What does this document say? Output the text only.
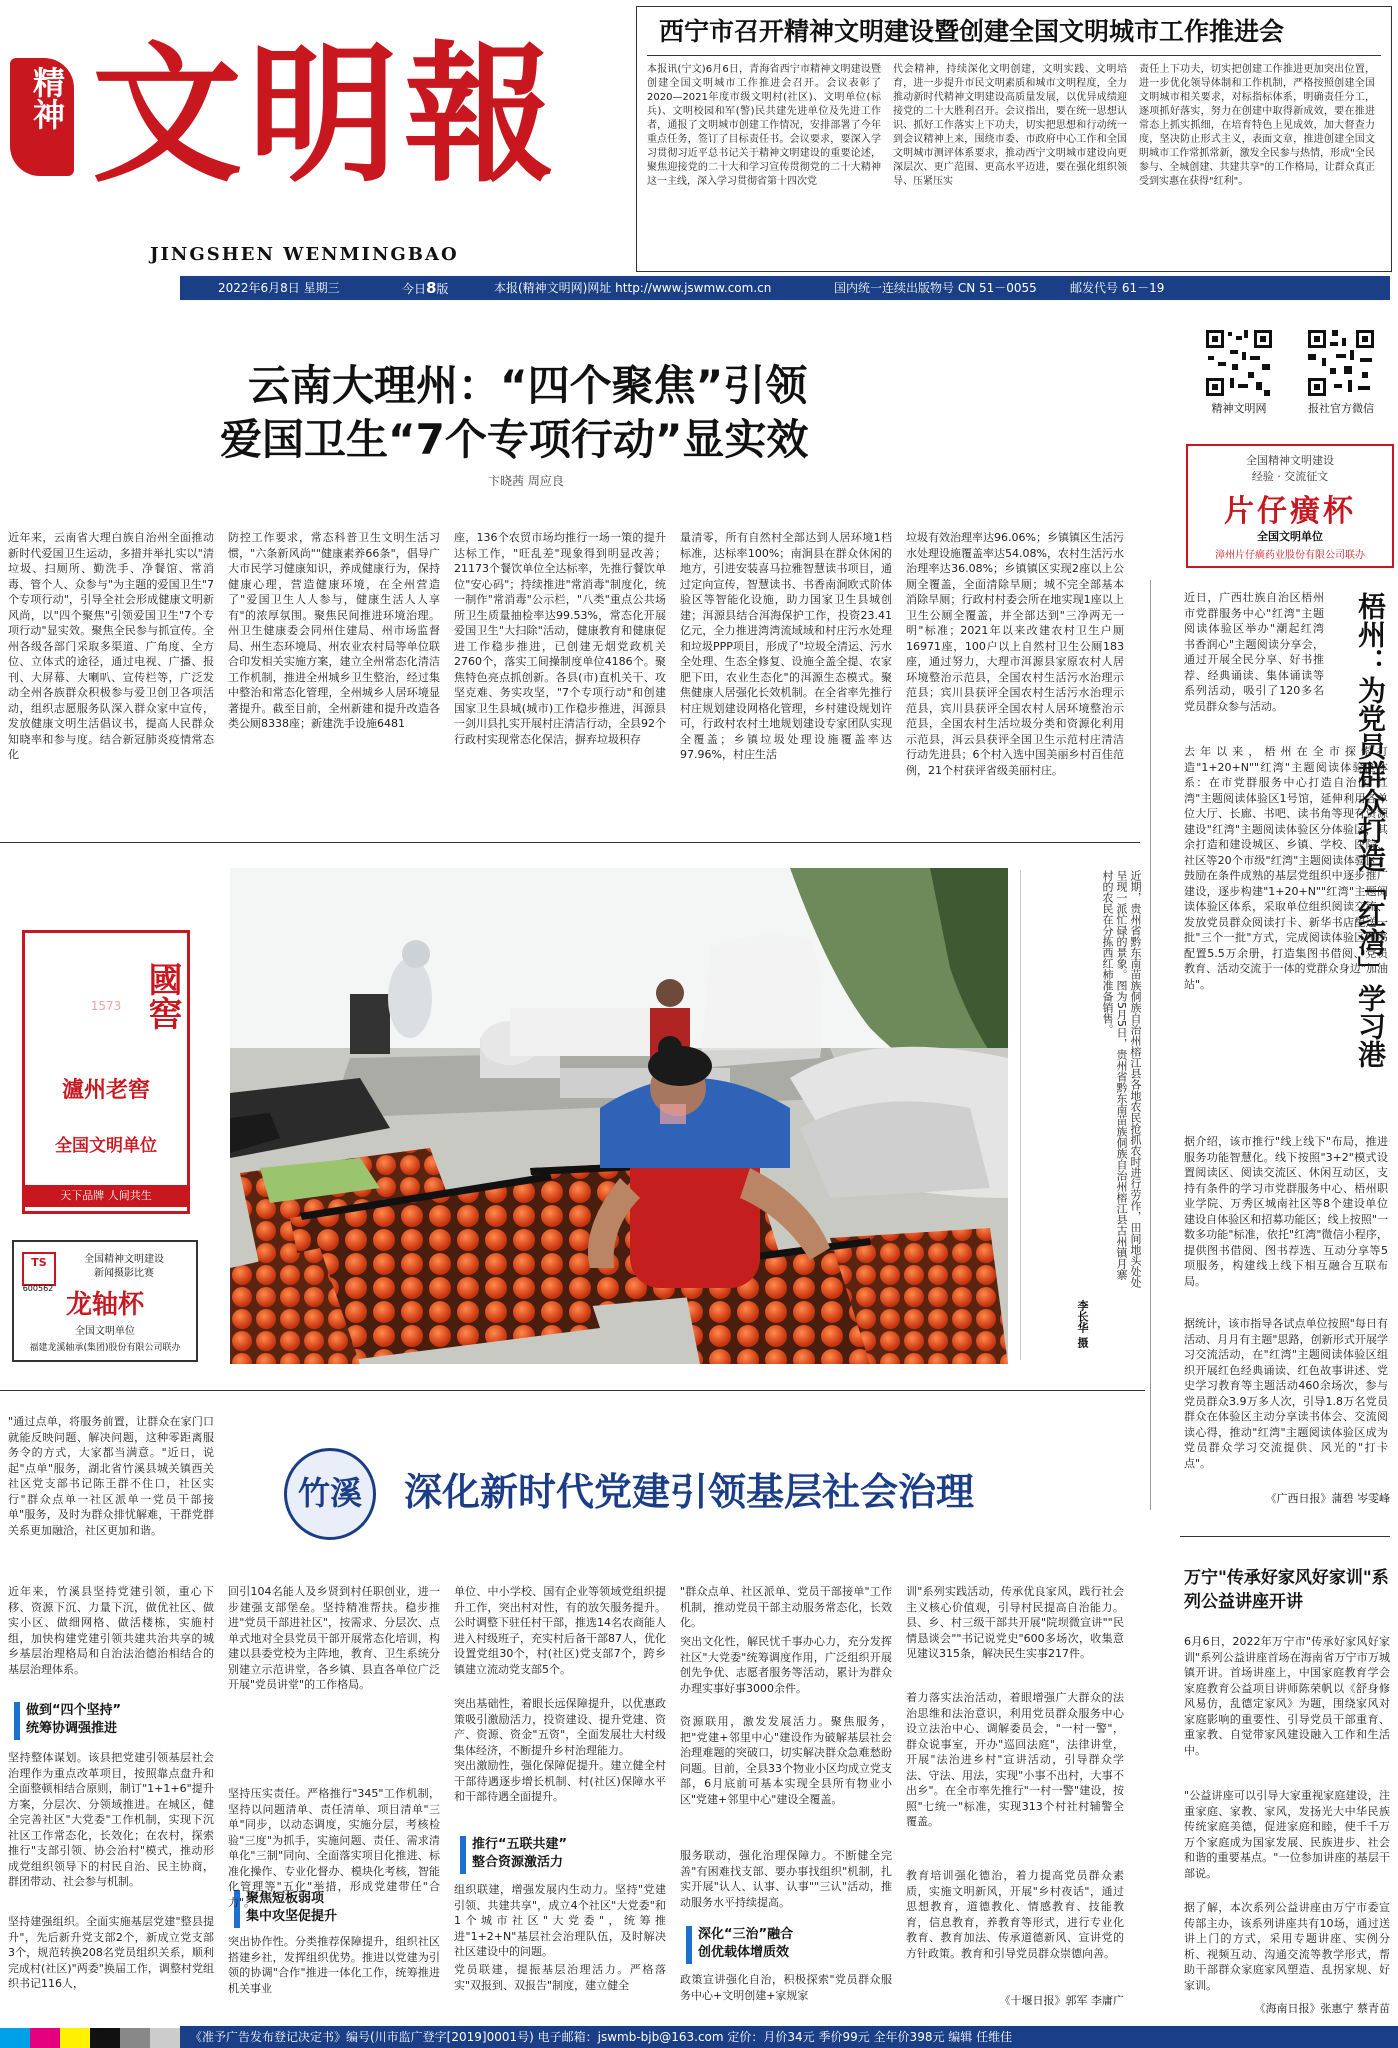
精神 文明報
JINGSHEN WENMINGBAO
西宁市召开精神文明建设暨创建全国文明城市工作推进会

本报讯(宁文)6月6日，青海省西宁市精神文明建设暨创建全国文明城市工作推进会召开。会议表彰了2020—2021年度市级文明村(社区)、文明单位(标兵)、文明校园和军(警)民共建先进单位及先进工作者，通报了文明城市创建工作情况，安排部署了今年重点任务，签订了目标责任书。会议要求，要深入学习贯彻习近平总书记关于精神文明建设的重要论述，聚焦迎接党的二十大和学习宣传贯彻党的二十大精神这一主线，深入学习贯彻省第十四次党

代会精神，持续深化文明创建，文明实践、文明培育，进一步提升市民文明素质和城市文明程度，全力推动新时代精神文明建设高质量发展，以优异成绩迎接党的二十大胜利召开。会议指出，要在统一思想认识、抓好工作落实上下功夫，切实把思想和行动统一到会议精神上来，围绕市委、市政府中心工作和全国文明城市测评体系要求，推动西宁文明城市建设向更深层次、更广范围、更高水平迈进，要在强化组织领导、压紧压实

责任上下功夫，切实把创建工作推进更加突出位置，进一步优化领导体制和工作机制，严格按照创建全国文明城市相关要求，对标指标体系，明确责任分工，逐项抓好落实，努力在创建中取得新成效，要在推进常态上抓实抓细，在培育特色上见成效，加大督查力度，坚决防止形式主义，表面文章，推进创建全国文明城市工作常抓常新，激发全民参与热情，形成"全民参与、全城创建、共建共享"的工作格局，让群众真正受到实惠在获得"红利"。

2022年6月8日 星期三	今日8版	本报(精神文明网)网址 http://www.jswmw.com.cn	国内统一连续出版物号 CN 51－0055	邮发代号 61－19
精神文明网	报社官方微信
全国精神文明建设
经验 · 交流征文
片仔癀杯
全国文明单位
漳州片仔癀药业股份有限公司联办
云南大理州：“四个聚焦”引领
爱国卫生“7个专项行动”显实效
卞晓茜 周应良

近年来，云南省大理白族自治州全面推动新时代爱国卫生运动，多措并举扎实以"清垃圾、扫厕所、勤洗手、净餐馆、常消毒、管个人、众参与"为主题的爱国卫生"7个专项行动"，引导全社会形成健康文明新风尚，以"四个聚焦"引领爱国卫生"7个专项行动"显实效。聚焦全民参与抓宣传。全州各级各部门采取多渠道、广角度、全方位、立体式的途径，通过电视、广播、报刊、大屏幕、大喇叭、宣传栏等，广泛发动全州各族群众积极参与爱卫创卫各项活动，组织志愿服务队深入群众家中宣传，发放健康文明生活倡议书，提高人民群众知晓率和参与度。结合新冠肺炎疫情常态化

防控工作要求，常态科普卫生文明生活习惯，"六条新风尚""健康素养66条"，倡导广大市民学习健康知识，养成健康行为，保持健康心理，营造健康环境，在全州营造了"爱国卫生人人参与，健康生活人人享有"的浓厚氛围。聚焦民间推进环境治理。州卫生健康委会同州住建局、州市场监督局、州生态环境局、州农业农村局等单位联合印发相关实施方案，建立全州常态化清洁工作机制，推进全州城乡卫生整治，经过集中整治和常态化管理，全州城乡人居环境显著提升。截至目前，全州新建和提升改造各类公厕8338座；新建洗手设施6481

座，136个农贸市场均推行一场一策的提升达标工作，"旺乱差"现象得到明显改善；21173个餐饮单位全达标率，先推行餐饮单位"安心码"；持续推进"常消毒"制度化，统一制作"常消毒"公示栏，"八类"重点公共场所卫生质量抽检率达99.53%，常态化开展爱国卫生"大扫除"活动，健康教育和健康促进工作稳步推进，已创建无烟党政机关2760个，落实工间操制度单位4186个。聚焦特色亮点抓创新。各县(市)直机关干、攻坚克难、务实攻坚，"7个专项行动"和创建国家卫生县城(城市)工作稳步推进，洱源县一剑川县扎实开展村庄清洁行动，全县92个行政村实现常态化保洁，摒弃垃圾积存

量清零，所有自然村全部达到人居环境1档标准，达标率100%；南涧县在群众休闲的地方，引进安装喜马拉雅智慧读书项目，通过定向宣传，智慧读书、书香南涧欧式阶体验区等智能化设施，助力国家卫生县城创建；洱源县结合洱海保护工作，投资23.41亿元，全力推进湾湾流域域和村庄污水处理和垃圾PPP项目，形成了"垃圾全清运、污水全处理、生态全修复、设施全盖全提、农家肥下田，农业生态化"的洱源生态模式。聚焦健康人居强化长效机制。在全省率先推行村庄规划建设网格化管理，乡村建设规划许可，行政村农村土地规划建设专家团队实现全覆盖；乡镇垃圾处理设施覆盖率达97.96%，村庄生活

垃圾有效治理率达96.06%；乡镇镇区生活污水处理设施覆盖率达54.08%，农村生活污水治理率达36.08%；乡镇镇区实现2座以上公厕全覆盖，全面清除旱厕；城不完全部基本消除旱厕；行政村村委会所在地实现1座以上卫生公厕全覆盖，并全部达到"三净两无一明"标准；2021年以来改建农村卫生户厕16971座，100户以上自然村卫生公厕183座，通过努力，大理市洱源县家原农村人居环境整治示范县，全国农村生活污水治理示范县；宾川县获评全国农村生活污水治理示范县，宾川县获评全国农村人居环境整治示范县，全国农村生活垃圾分类和资源化利用示范县，洱云县获评全国卫生示范村庄清洁行动先进县；6个村入选中国美丽乡村百佳范例，21个村获评省级美丽村庄。

近日，广西壮族自治区梧州市党群服务中心"红湾"主题阅读体验区举办"潮起红湾 书香润心"主题阅读分享会，通过开展全民分享、好书推荐、经典诵读、集体诵读等系列活动，吸引了120多名党员群众参与活动。	梧州：为党员群众打造「红湾」学习港

去年以来，梧州在全市探索打造"1+20+N""红湾"主题阅读体验区体系：在市党群服务中心打造自治区"红湾"主题阅读体验区1号馆，延伸利用各单位大厅、长廊、书吧、读书角等现有资源建设"红湾"主题阅读体验区分体验区，其余打造和建设城区、乡镇、学校、医院、社区等20个市级"红湾"主题阅读体验区；鼓励在条件成熟的基层党组织中逐步推广建设，逐步构建"1+20+N""红湾"主题阅读体验区体系，采取单位组织阅读交流、发放党员群众阅读打卡、新华书店配送一批"三个一批"方式，完成阅读体验区图书配置5.5万余册，打造集图书借阅、党员教育、活动交流于一体的党群众身边"加油站"。

据介绍，该市推行"线上线下"布局，推进服务功能智慧化。线下按照"3+2"模式设置阅读区、阅读交流区、休闲互动区，支持有条件的学习市党群服务中心、梧州职业学院、万秀区城南社区等8个建设单位建设自体验区和招募功能区；线上按照"一数多功能"标准，依托"红湾"微信小程序，提供图书借阅、图书荐选、互动分享等5项服务，构建线上线下相互融合互联布局。

据统计，该市指导各试点单位按照"每日有活动、月月有主题"思路，创新形式开展学习交流活动，在"红湾"主题阅读体验区组织开展红色经典诵读、红色故事讲述、党史学习教育等主题活动460余场次，参与党员群众3.9万多人次，引导1.8万名党员群众在体验区主动分享读书体会、交流阅读心得，推动"红湾"主题阅读体验区成为党员群众学习交流提供、风光的"打卡点"。

《广西日报》蒲碧 岑雯峰
万宁"传承好家风好家训"系列公益讲座开讲

6月6日，2022年万宁市"传承好家风好家训"系列公益讲座首场在海南省万宁市万城镇开讲。首场讲座上，中国家庭教育学会家庭教育公益项目讲师陈荣帆以《舒身修风易仿，乱德定家风》为题，围绕家风对家庭影响的重要性、引导党员干部重育、重家教、自觉带家风建设融入工作和生活中。

"公益讲座可以引导大家重视家庭建设，注重家庭、家教、家风，发扬光大中华民族传统家庭美德，促进家庭和睦，使千千万万个家庭成为国家发展、民族进步、社会和谐的重要基点。"一位参加讲座的基层干部说。

据了解，本次系列公益讲座由万宁市委宣传部主办，该系列讲座共有10场，通过送讲上门的方式，采用专题讲座、实例分析、视频互动、沟通交流等教学形式，帮助干部群众家庭家风塑造、乱拐家规、好家训。

《海南日报》张惠宁 蔡青苗
國窖
1573
瀘州老窖
全国文明单位
天下品牌 人间共生
TS
600562
全国精神文明建设
新闻摄影比赛
龙轴杯
全国文明单位
福建龙溪轴承(集团)股份有限公司联办
近期，贵州省黔东南苗族侗族自治州榕江县各地农民抢抓农时进行劳作，田间地头处处呈现一派忙碌的景象。图为5月5日，贵州省黔东南苗族侗族自治州榕江县古州镇月寨村的农民在分拣西红柿准备销售。
李长华 摄

"通过点单，将服务前置，让群众在家门口就能反映问题、解决问题，这种零距离服务令的方式，大家都当满意。"近日，说起"点单"服务，湖北省竹溪县城关镇西关社区党支部书记陈王群不住口，社区实行"群众点单一社区派单一党员干部接单"服务，及时为群众排忧解难，干群党群关系更加融洽，社区更加和谐。

竹溪	深化新时代党建引领基层社会治理

近年来，竹溪县坚持党建引领，重心下移、资源下沉、力量下沉，做优社区、做实小区、做细网格、做活楼栋，实施村组，加快构建党建引领共建共治共享的城乡基层治理格局和自治法治德治相结合的基层治理体系。

做到“四个坚持”
统筹协调强推进

坚持整体谋划。该县把党建引领基层社会治理作为重点改革项目，按照靠点盘升和全面整顿相结合原则，制订"1+1+6"提升方案，分层次、分领域推进。在城区，健全完善社区"大党委"工作机制，实现下沉社区工作常态化，长效化；在农村，探索推行"支部引领、协会治村"模式，推动形成党组织领导下的村民自治、民主协商，群团带动、社会参与机制。

坚持建强组织。全面实施基层党建"整县提升"，先后新升党支部2个，新成立党支部3个，规范转换208名党员组织关系，顺利完成村(社区)"两委"换届工作，调整村党组织书记116人，

回引104名能人及乡贤到村任职创业，进一步建强支部堡垒。坚持精准帮扶。稳步推进"党员干部进社区"，按需求、分层次、点单式地对全县党员干部开展常态化培训，构建以县委党校为主阵地，教育、卫生系统分别建立示范讲堂，各乡镇、县直各单位广泛开展"党员讲堂"的工作格局。

聚焦短板弱项
集中攻坚促提升

坚持压实责任。严格推行"345"工作机制，坚持以问题清单、责任清单、项目清单"三单"同步，以动态调度，实施分层，考核检验"三度"为抓手，实施问题、责任、需求清单化"三制"同向、全面落实项目化推进、标准化操作、专业化督办、模块化考核，智能化管理等"五化"举措，形成党建带任"合力"。

突出协作性。分类推荐保障提升，组织社区搭建乡社，发挥组织优势。推进以党建为引领的协调"合作"推进一体化工作，统筹推进机关事业

单位、中小学校、国有企业等领域党组织提升工作，突出村对性，有的放矢服务提升。公时调整下驻任村干部，推选14名农商能人进入村级班子，充实村后备干部87人，优化设置党组30个，村(社区)党支部7个，跨乡镇建立流动党支部5个。

突出基础性，着眼长远保障提升，以优惠政策吸引激励活力，投资建设、提升党建、资产、资源、资金"五资"，全面发展壮大村级集体经济，不断提升乡村治理能力。

突出激励性，强化保障促提升。建立健全村干部待遇逐步增长机制、村(社区)保障水平和干部待遇全面提升。

推行“五联共建”
整合资源激活力

组织联建，增强发展内生动力。坚持"党建引领、共建共享"，成立4个社区"大党委"和1个城市社区"大党委"，统筹推进"1+2+N"基层社会治理队伍，及时解决社区建设中的问题。

党员联建，提振基层治理活力。严格落实"双报到、双报告"制度，建立健全

"群众点单、社区派单、党员干部接单"工作机制，推动党员干部主动服务常态化，长效化。

突出文化性，解民忧千事办心力，充分发挥社区"大党委"统筹调度作用，广泛组织开展创先争优、志愿者服务等活动，累计为群众办理实事好事3000余件。

资源联用，激发发展活力。聚焦服务，把"党建+邻里中心"建设作为破解基层社会治理难题的突破口，切实解决群众急难愁盼问题。目前，全县33个物业小区均成立党支部，6月底前可基本实现全县所有物业小区"党建+邻里中心"建设全覆盖。

服务联动，强化治理保障力。不断健全完善"有困难找支部、要办事找组织"机制，扎实开展"认人、认事、认事""三认"活动，推动服务水平持续提高。

深化“三治”融合
创优载体增质效

政策宣讲强化自治，积极探索"党员群众服务中心+文明创建+家规家

训"系列实践活动，传承优良家风，践行社会主义核心价值观，引导村民提高自治能力。县、乡、村三级干部共开展"院坝微宣讲""民情恳谈会""书记说党史"600多场次，收集意见建议315条，解决民生实事217件。

着力落实法治活动，着眼增强广大群众的法治思维和法治意识，利用党员群众服务中心设立法治中心、调解委员会，"一村一警"，群众说事室，开办"巡回法庭"，法律讲堂，开展"法治进乡村"宣讲活动，引导群众学法、守法、用法，实现"小事不出村，大事不出乡"。在全市率先推行"一村一警"建设，按照"七统一"标准，实现313个村社村辅警全覆盖。

教育培训强化德治，着力提高党员群众素质，实施文明新风，开展"乡村夜话"，通过思想教育，道德教化、情感教育、技能教育，信息教育，养教育等形式，进行专业化教育、教育加法、传承道德新风、宣讲党的方针政策。教育和引导党员群众崇德向善。

《十堰日报》郭军 李庸广
《准予广告发布登记决定书》编号(川市监广登字[2019]0001号) 电子邮箱：jswmb-bjb@163.com 定价：月价34元 季价99元 全年价398元 编辑 任维佳
